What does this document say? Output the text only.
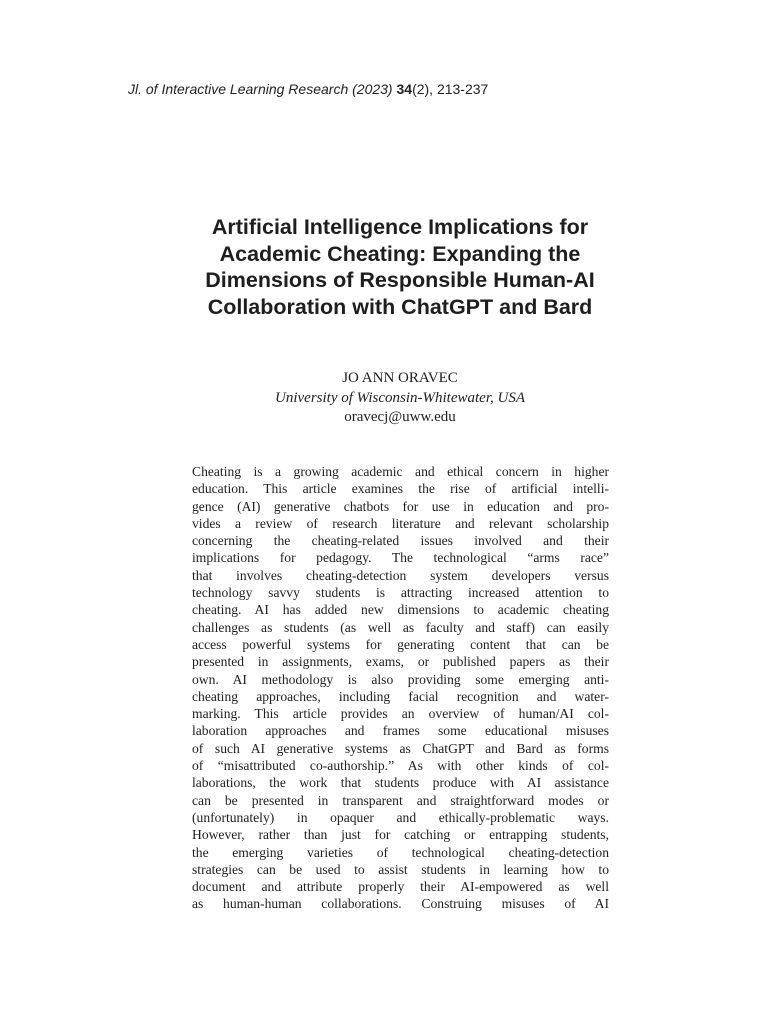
Jl. of Interactive Learning Research (2023) 34(2), 213-237
Artificial Intelligence Implications for
Academic Cheating: Expanding the
Dimensions of Responsible Human-AI
Collaboration with ChatGPT and Bard
JO ANN ORAVEC
University of Wisconsin-Whitewater, USA
oravecj@uww.edu
Cheating is a growing academic and ethical concern in higher
education. This article examines the rise of artificial intelli-
gence (AI) generative chatbots for use in education and pro-
vides a review of research literature and relevant scholarship
concerning the cheating-related issues involved and their
implications for pedagogy. The technological “arms race”
that involves cheating-detection system developers versus
technology savvy students is attracting increased attention to
cheating. AI has added new dimensions to academic cheating
challenges as students (as well as faculty and staff) can easily
access powerful systems for generating content that can be
presented in assignments, exams, or published papers as their
own. AI methodology is also providing some emerging anti-
cheating approaches, including facial recognition and water-
marking. This article provides an overview of human/AI col-
laboration approaches and frames some educational misuses
of such AI generative systems as ChatGPT and Bard as forms
of “misattributed co-authorship.” As with other kinds of col-
laborations, the work that students produce with AI assistance
can be presented in transparent and straightforward modes or
(unfortunately) in opaquer and ethically-problematic ways.
However, rather than just for catching or entrapping students,
the emerging varieties of technological cheating-detection
strategies can be used to assist students in learning how to
document and attribute properly their AI-empowered as well
as human-human collaborations. Construing misuses of AI
